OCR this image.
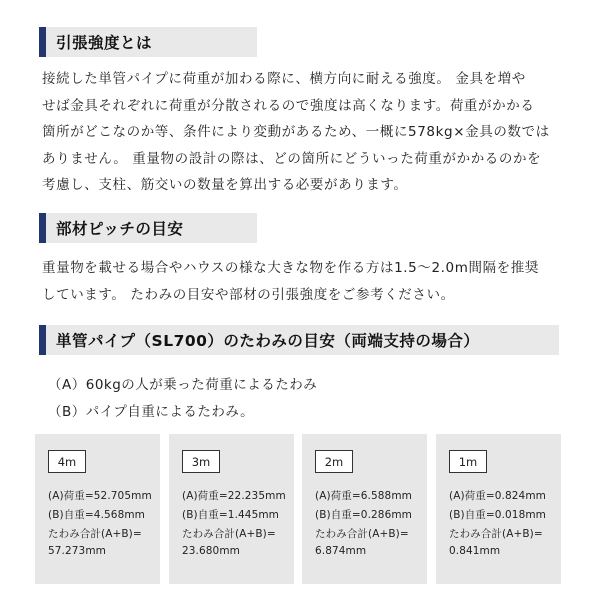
引張強度とは
接続した単管パイプに荷重が加わる際に、横方向に耐える強度。 金具を増や
せば金具それぞれに荷重が分散されるので強度は高くなります。荷重がかかる
箇所がどこなのか等、条件により変動があるため、一概に578kg×金具の数では
ありません。 重量物の設計の際は、どの箇所にどういった荷重がかかるのかを
考慮し、支柱、筋交いの数量を算出する必要があります。
部材ピッチの目安
重量物を載せる場合やハウスの様な大きな物を作る方は1.5～2.0m間隔を推奨
しています。 たわみの目安や部材の引張強度をご参考ください。
単管パイプ（SL700）のたわみの目安（両端支持の場合）
（A）60kgの人が乗った荷重によるたわみ
（B）パイプ自重によるたわみ。
4m
(A)荷重=52.705mm
(B)自重=4.568mm
たわみ合計(A+B)=
57.273mm
3m
(A)荷重=22.235mm
(B)自重=1.445mm
たわみ合計(A+B)=
23.680mm
2m
(A)荷重=6.588mm
(B)自重=0.286mm
たわみ合計(A+B)=
6.874mm
1m
(A)荷重=0.824mm
(B)自重=0.018mm
たわみ合計(A+B)=
0.841mm
